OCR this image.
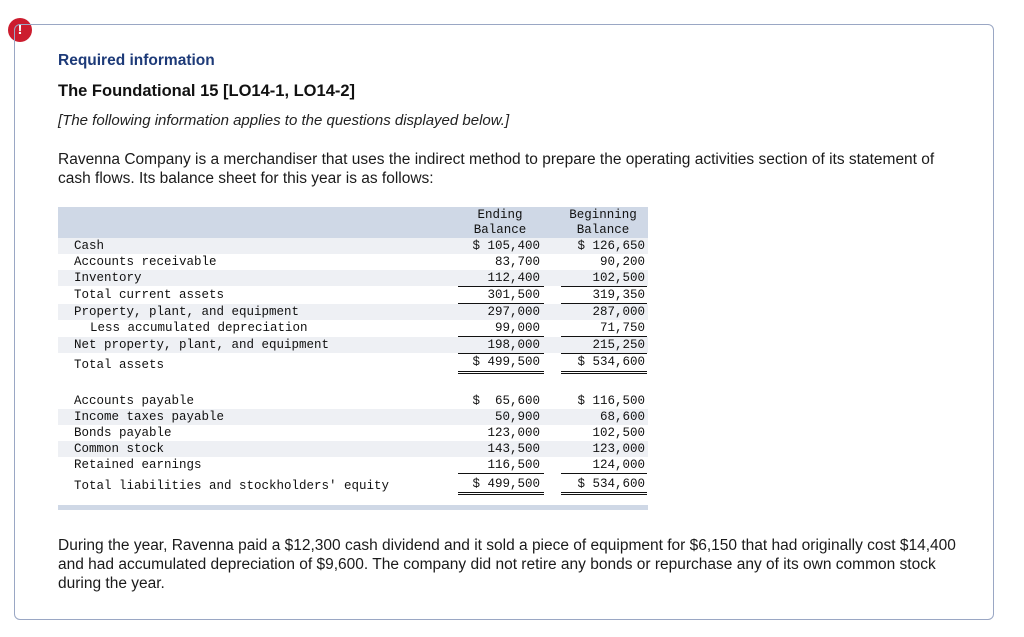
!
Required information
The Foundational 15 [LO14-1, LO14-2]
[The following information applies to the questions displayed below.]

Ravenna Company is a merchandiser that uses the indirect method to prepare the operating activities section of its statement of cash flows. Its balance sheet for this year is as follows:

Ending
Balance
Beginning
Balance
Cash	$ 105,400	$ 126,650
Accounts receivable	83,700	90,200
Inventory	112,400	102,500
Total current assets	301,500	319,350
Property, plant, and equipment	297,000	287,000
Less accumulated depreciation	99,000	71,750
Net property, plant, and equipment	198,000	215,250
Total assets	$ 499,500	$ 534,600
Accounts payable	$  65,600	$ 116,500
Income taxes payable	50,900	68,600
Bonds payable	123,000	102,500
Common stock	143,500	123,000
Retained earnings	116,500	124,000
Total liabilities and stockholders' equity	$ 499,500	$ 534,600

During the year, Ravenna paid a $12,300 cash dividend and it sold a piece of equipment for $6,150 that had originally cost $14,400 and had accumulated depreciation of $9,600. The company did not retire any bonds or repurchase any of its own common stock during the year.
